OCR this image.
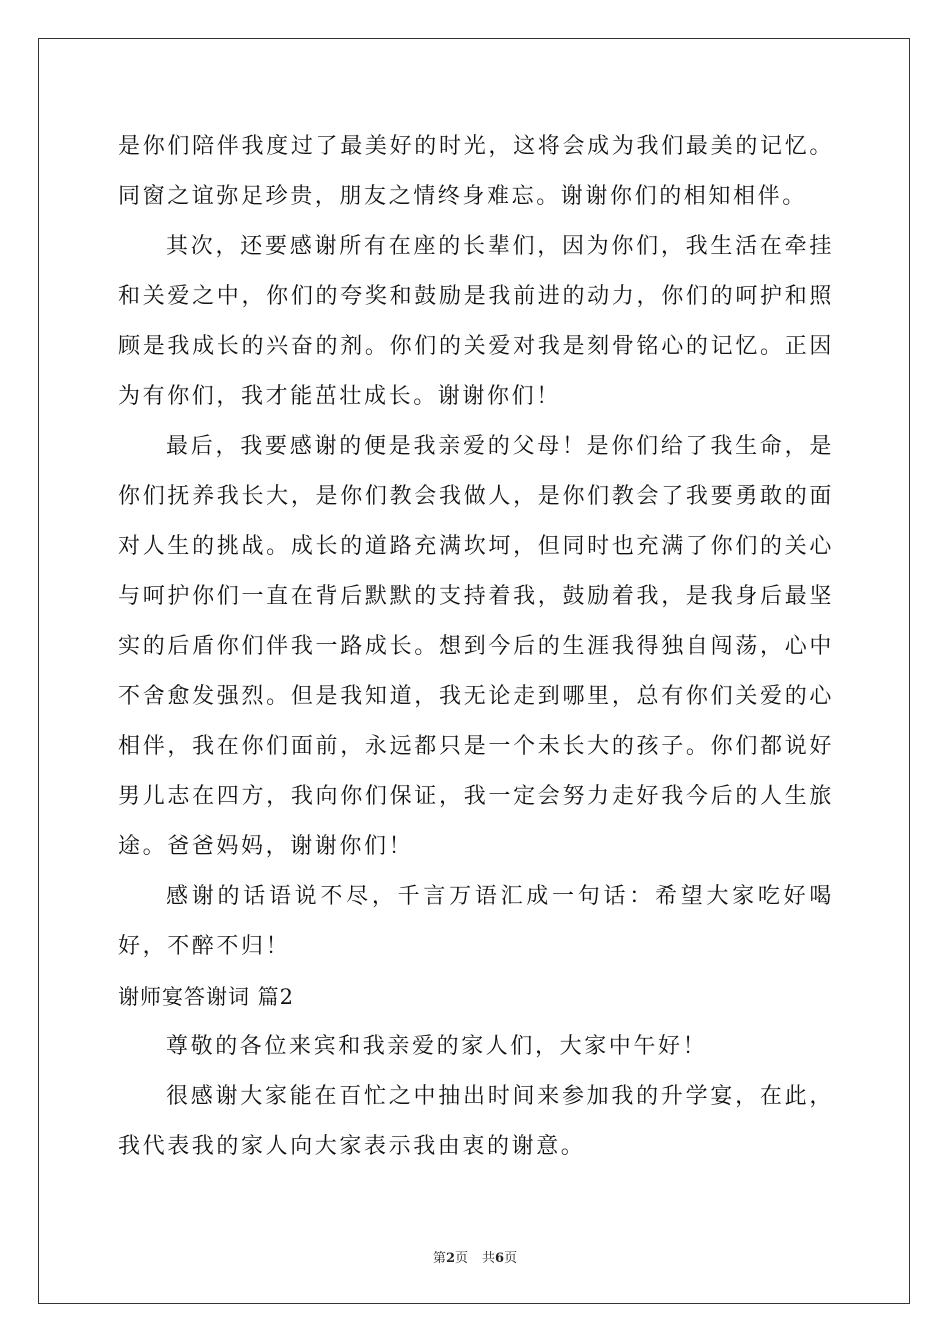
是你们陪伴我度过了最美好的时光，这将会成为我们最美的记忆。同窗之谊弥足珍贵，朋友之情终身难忘。谢谢你们的相知相伴。

其次，还要感谢所有在座的长辈们，因为你们，我生活在牵挂和关爱之中，你们的夸奖和鼓励是我前进的动力，你们的呵护和照顾是我成长的兴奋的剂。你们的关爱对我是刻骨铭心的记忆。正因为有你们，我才能茁壮成长。谢谢你们！

最后，我要感谢的便是我亲爱的父母！是你们给了我生命，是你们抚养我长大，是你们教会我做人，是你们教会了我要勇敢的面对人生的挑战。成长的道路充满坎坷，但同时也充满了你们的关心与呵护你们一直在背后默默的支持着我，鼓励着我，是我身后最坚实的后盾你们伴我一路成长。想到今后的生涯我得独自闯荡，心中不舍愈发强烈。但是我知道，我无论走到哪里，总有你们关爱的心相伴，我在你们面前，永远都只是一个未长大的孩子。你们都说好男儿志在四方，我向你们保证，我一定会努力走好我今后的人生旅途。爸爸妈妈，谢谢你们！

感谢的话语说不尽，千言万语汇成一句话：希望大家吃好喝好，不醉不归！

谢师宴答谢词 篇2

尊敬的各位来宾和我亲爱的家人们，大家中午好！

很感谢大家能在百忙之中抽出时间来参加我的升学宴，在此，我代表我的家人向大家表示我由衷的谢意。

第2页 共6页
